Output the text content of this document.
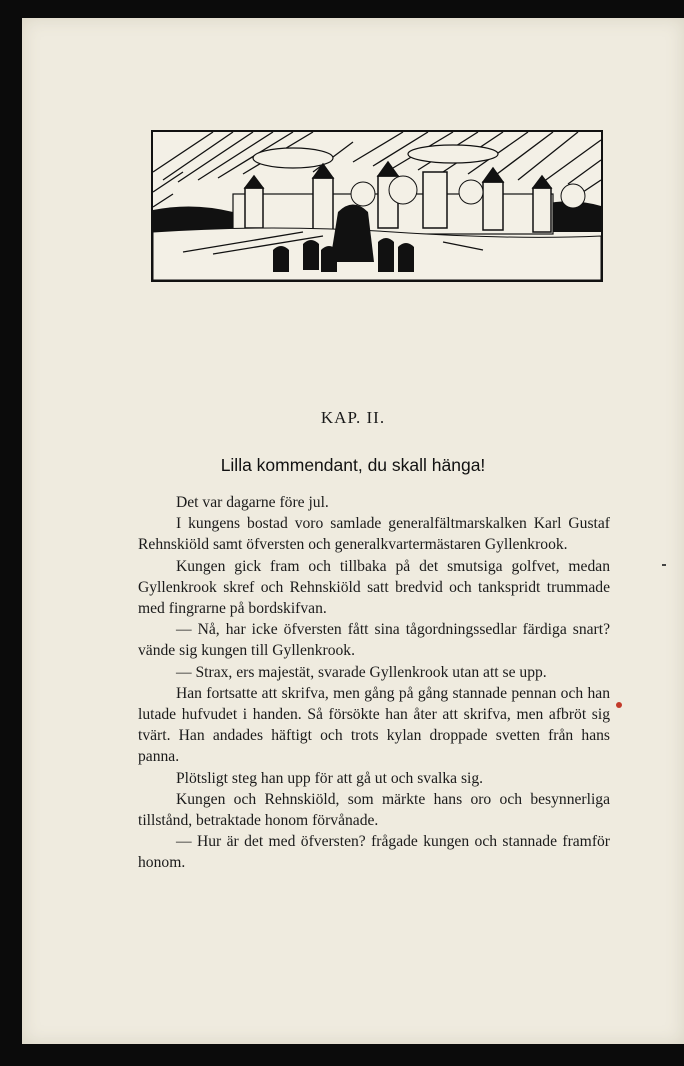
KAP. II.
Lilla kommendant, du skall hänga!

Det var dagarne före jul.

I kungens bostad voro samlade generalfältmarskalken Karl Gustaf Rehnskiöld samt öfversten och generalkvartermästaren Gyllenkrook.

Kungen gick fram och tillbaka på det smutsiga golfvet, medan Gyllenkrook skref och Rehnskiöld satt bredvid och tankspridt trummade med fingrarne på bordskifvan.

— Nå, har icke öfversten fått sina tågordningssedlar färdiga snart? vände sig kungen till Gyllenkrook.

— Strax, ers majestät, svarade Gyllenkrook utan att se upp.

Han fortsatte att skrifva, men gång på gång stannade pennan och han lutade hufvudet i handen. Så försökte han åter att skrifva, men afbröt sig tvärt. Han andades häftigt och trots kylan droppade svetten från hans panna.

Plötsligt steg han upp för att gå ut och svalka sig.

Kungen och Rehnskiöld, som märkte hans oro och besynnerliga tillstånd, betraktade honom förvånade.

— Hur är det med öfversten? frågade kungen och stannade framför honom.
